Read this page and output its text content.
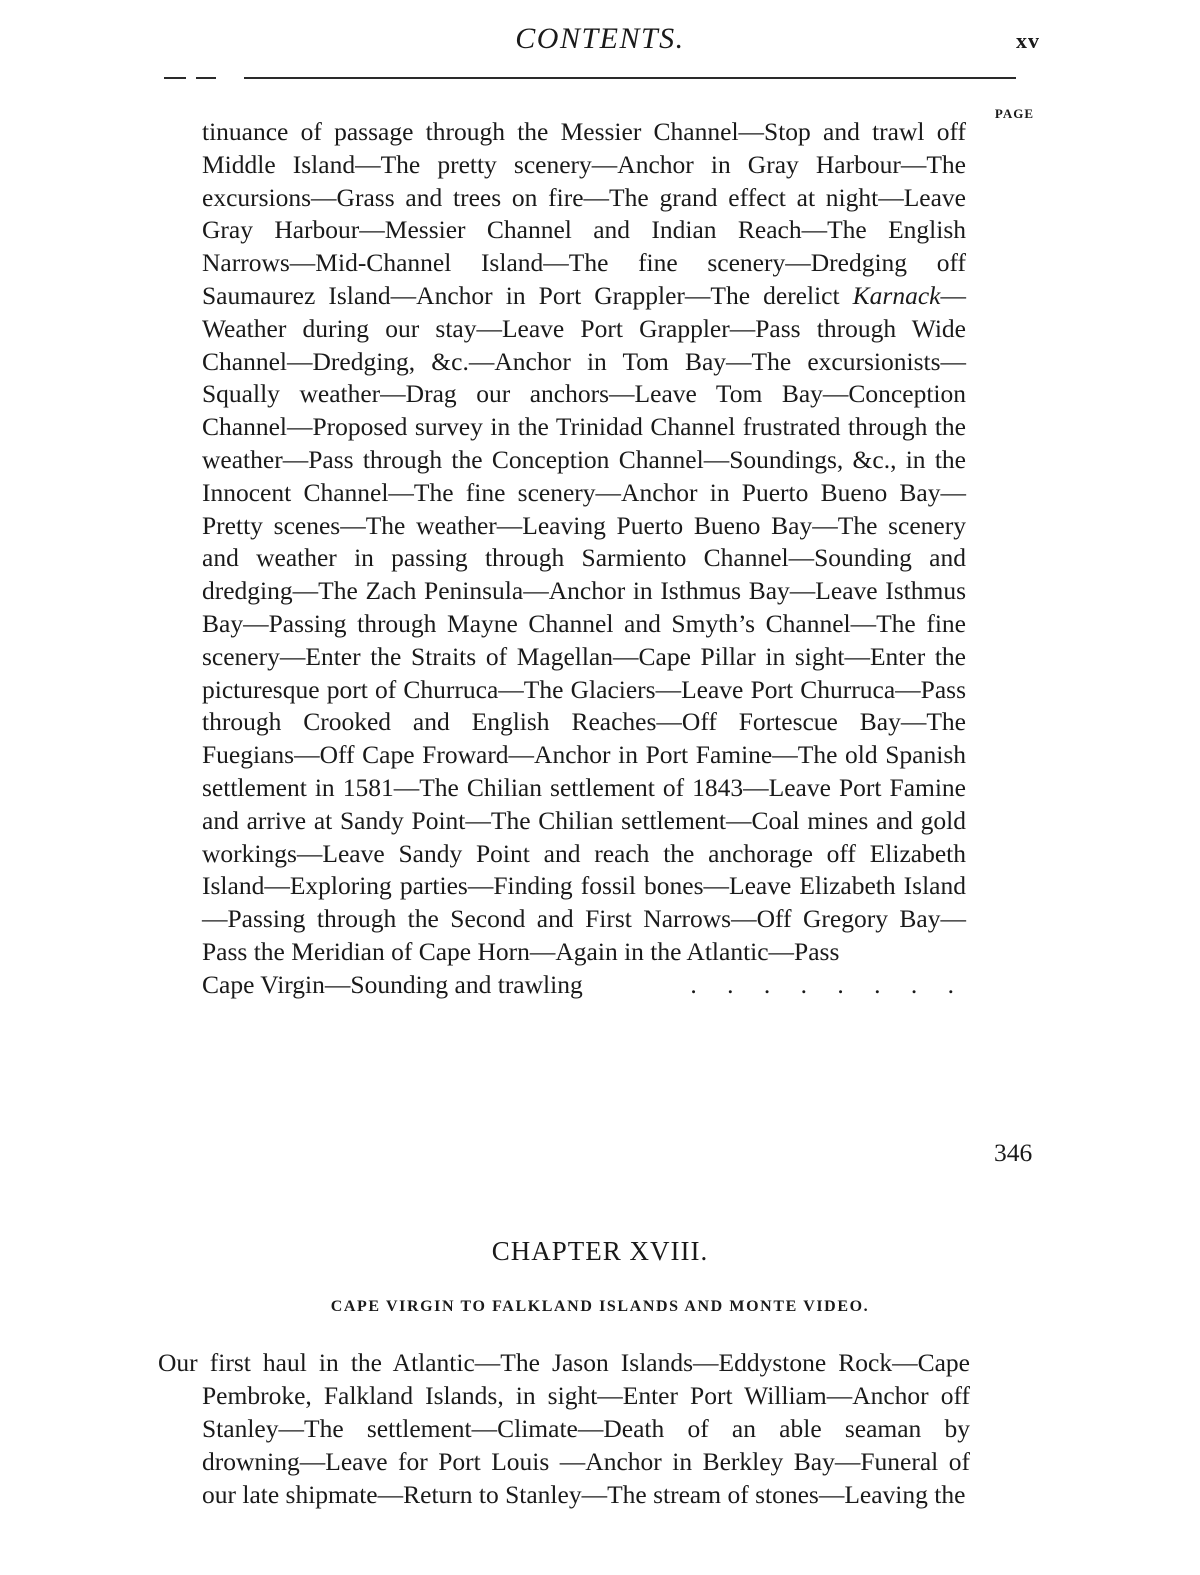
CONTENTS.	xv
PAGE
tinuance of passage through the Messier Channel—Stop and trawl off Middle Island—The pretty scenery—Anchor in Gray Harbour—The excursions—Grass and trees on fire—The grand effect at night—Leave Gray Harbour—Messier Channel and Indian Reach—The English Narrows—Mid-Channel Island—The fine scenery—Dredging off Saumaurez Island—Anchor in Port Grappler—The derelict Karnack—Weather during our stay—Leave Port Grappler—Pass through Wide Channel—Dredging, &c.—Anchor in Tom Bay—The excursionists—Squally weather—Drag our anchors—Leave Tom Bay—Conception Channel—Proposed survey in the Trinidad Channel frustrated through the weather—Pass through the Conception Channel—Soundings, &c., in the Innocent Channel—The fine scenery—Anchor in Puerto Bueno Bay—Pretty scenes—The weather—Leaving Puerto Bueno Bay—The scenery and weather in passing through Sarmiento Channel—Sounding and dredging—The Zach Peninsula—Anchor in Isthmus Bay—Leave Isthmus Bay—Passing through Mayne Channel and Smyth’s Channel—The fine scenery—Enter the Straits of Magellan—Cape Pillar in sight—Enter the picturesque port of Churruca—The Glaciers—Leave Port Churruca—Pass through Crooked and English Reaches—Off Fortescue Bay—The Fuegians—Off Cape Froward—Anchor in Port Famine—The old Spanish settlement in 1581—The Chilian settlement of 1843—Leave Port Famine and arrive at Sandy Point—The Chilian settlement—Coal mines and gold workings—Leave Sandy Point and reach the anchorage off Elizabeth Island—Exploring parties—Finding fossil bones—Leave Elizabeth Island—Passing through the Second and First Narrows—Off Gregory Bay—Pass the Meridian of Cape Horn—Again in the Atlantic—Pass
Cape Virgin—Sounding and trawling	. . . . . . . .
346
CHAPTER XVIII.
CAPE VIRGIN TO FALKLAND ISLANDS AND MONTE VIDEO.
Our first haul in the Atlantic—The Jason Islands—Eddystone Rock—Cape Pembroke, Falkland Islands, in sight—Enter Port William—Anchor off Stanley—The settlement—Climate—Death of an able seaman by drowning—Leave for Port Louis —Anchor in Berkley Bay—Funeral of our late shipmate—Return to Stanley—The stream of stones—Leaving the
